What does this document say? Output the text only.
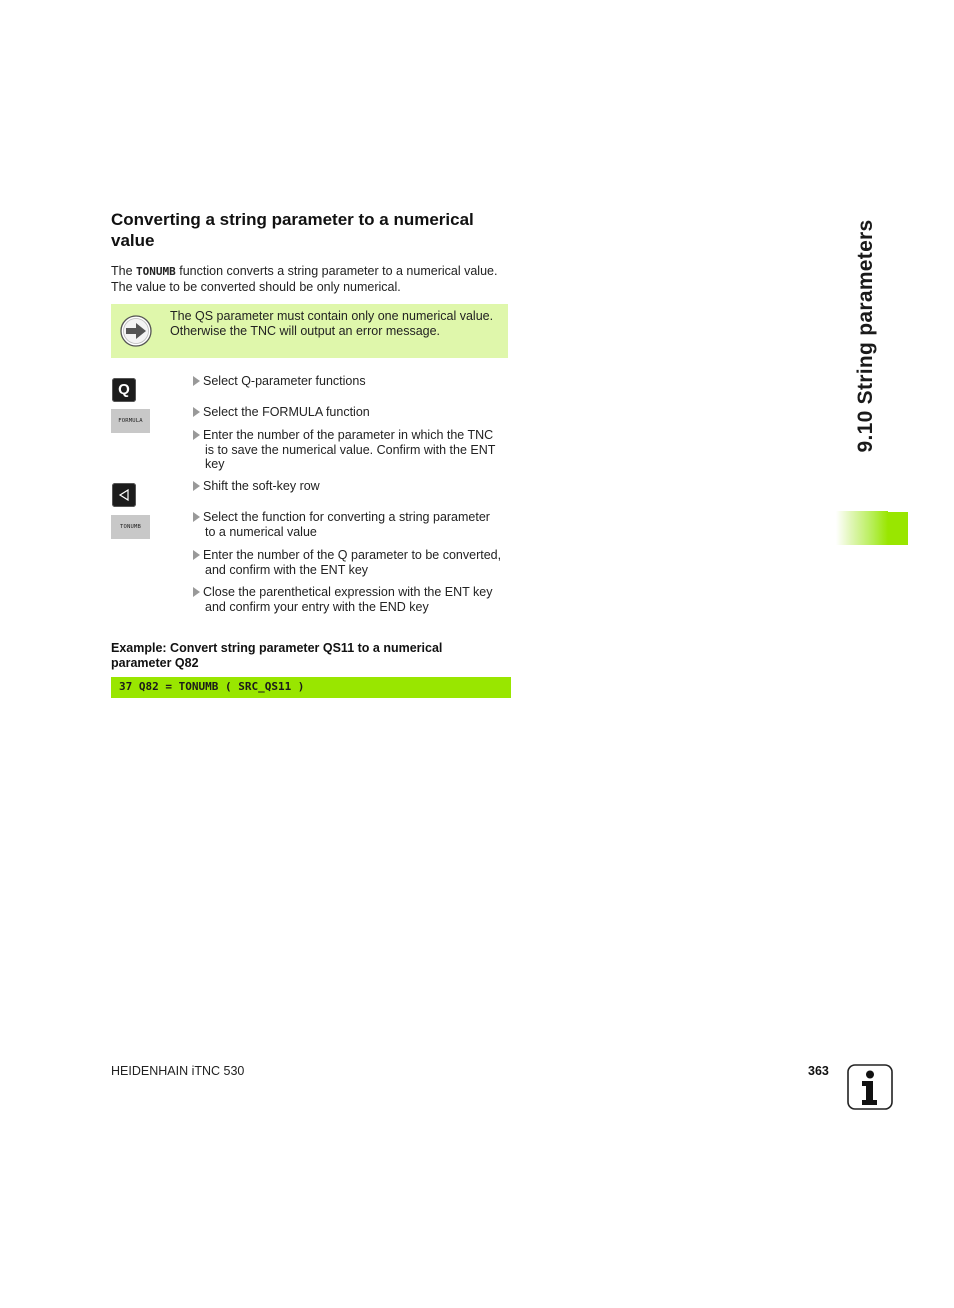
Converting a string parameter to a numerical value
The TONUMB function converts a string parameter to a numerical value.
The value to be converted should be only numerical.
The QS parameter must contain only one numerical value.
Otherwise the TNC will output an error message.
Q
FORMULA
TONUMB
Select Q-parameter functions
Select the FORMULA function
Enter the number of the parameter in which the TNC
is to save the numerical value. Confirm with the ENT
key
Shift the soft-key row
Select the function for converting a string parameter
to a numerical value
Enter the number of the Q parameter to be converted,
and confirm with the ENT key
Close the parenthetical expression with the ENT key
and confirm your entry with the END key
Example: Convert string parameter QS11 to a numerical
parameter Q82
37 Q82 = TONUMB ( SRC_QS11 )
9.10 String parameters
HEIDENHAIN iTNC 530	363
